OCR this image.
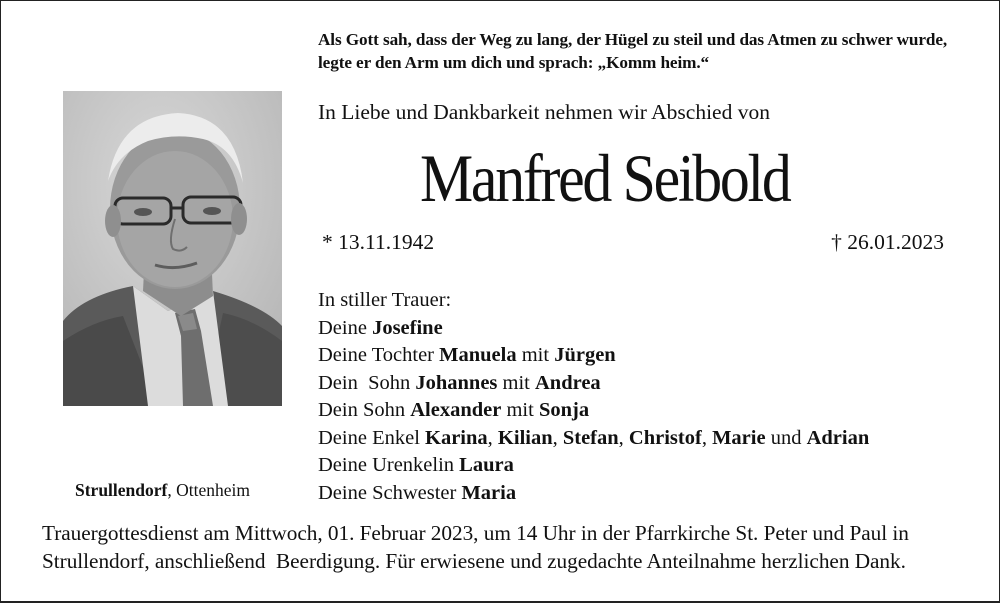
Als Gott sah, dass der Weg zu lang, der Hügel zu steil und das Atmen zu schwer wurde,
legte er den Arm um dich und sprach: „Komm heim.“
Strullendorf, Ottenheim
In Liebe und Dankbarkeit nehmen wir Abschied von
Manfred Seibold
* 13.11.1942	† 26.01.2023
In stiller Trauer:
Deine Josefine
Deine Tochter Manuela mit Jürgen
Dein  Sohn Johannes mit Andrea
Dein Sohn Alexander mit Sonja
Deine Enkel Karina, Kilian, Stefan, Christof, Marie und Adrian
Deine Urenkelin Laura
Deine Schwester Maria
Trauergottesdienst am Mittwoch, 01. Februar 2023, um 14 Uhr in der Pfarrkirche St. Peter und Paul in
Strullendorf, anschließend  Beerdigung. Für erwiesene und zugedachte Anteilnahme herzlichen Dank.
